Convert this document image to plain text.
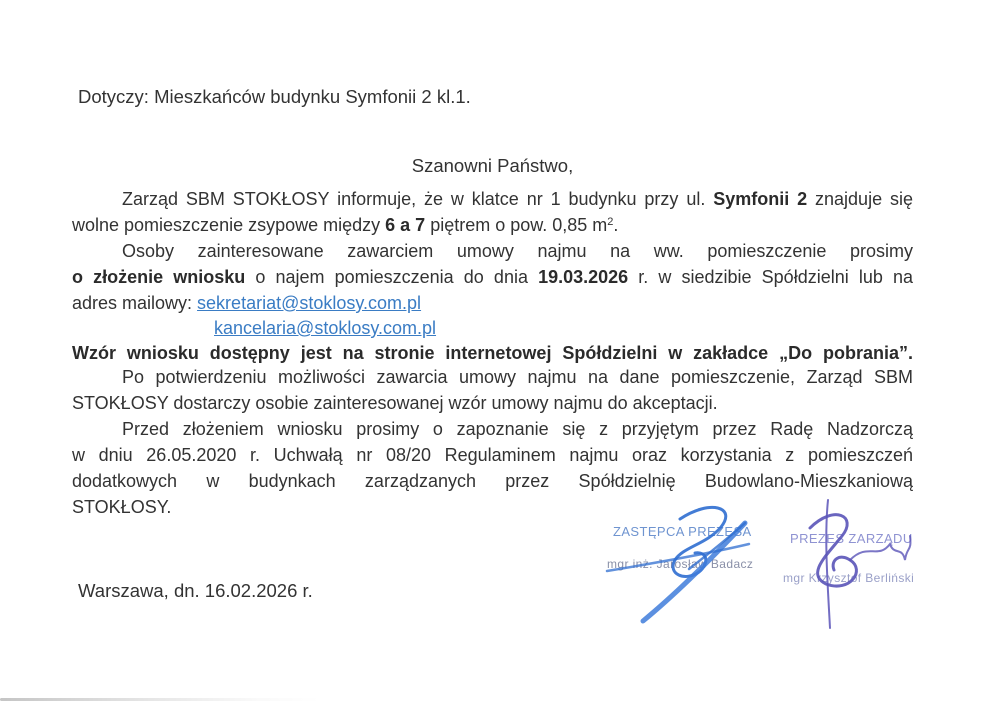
Dotyczy: Mieszkańców budynku Symfonii 2 kl.1.
Szanowni Państwo,
Zarząd SBM STOKŁOSY informuje, że w klatce nr 1 budynku przy ul. Symfonii 2 znajduje się
wolne pomieszczenie zsypowe między 6 a 7 piętrem o pow. 0,85 $m^2$.
Osoby zainteresowane zawarciem umowy najmu na ww. pomieszczenie prosimy
o złożenie wniosku o najem pomieszczenia do dnia 19.03.2026 r. w siedzibie Spółdzielni lub na
adres mailowy: sekretariat@stoklosy.com.pl
kancelaria@stoklosy.com.pl
Wzór wniosku dostępny jest na stronie internetowej Spółdzielni w zakładce „Do pobrania”.
Po potwierdzeniu możliwości zawarcia umowy najmu na dane pomieszczenie, Zarząd SBM
STOKŁOSY dostarczy osobie zainteresowanej wzór umowy najmu do akceptacji.
Przed złożeniem wniosku prosimy o zapoznanie się z przyjętym przez Radę Nadzorczą
w dniu 26.05.2020 r. Uchwałą nr 08/20 Regulaminem najmu oraz korzystania z pomieszczeń
dodatkowych w budynkach zarządzanych przez Spółdzielnię Budowlano-Mieszkaniową
STOKŁOSY.
ZASTĘPCA PREZESA
mgr inż. Jarosław Badacz
PREZES ZARZĄDU
mgr Krzysztof Berliński
Warszawa, dn. 16.02.2026 r.
